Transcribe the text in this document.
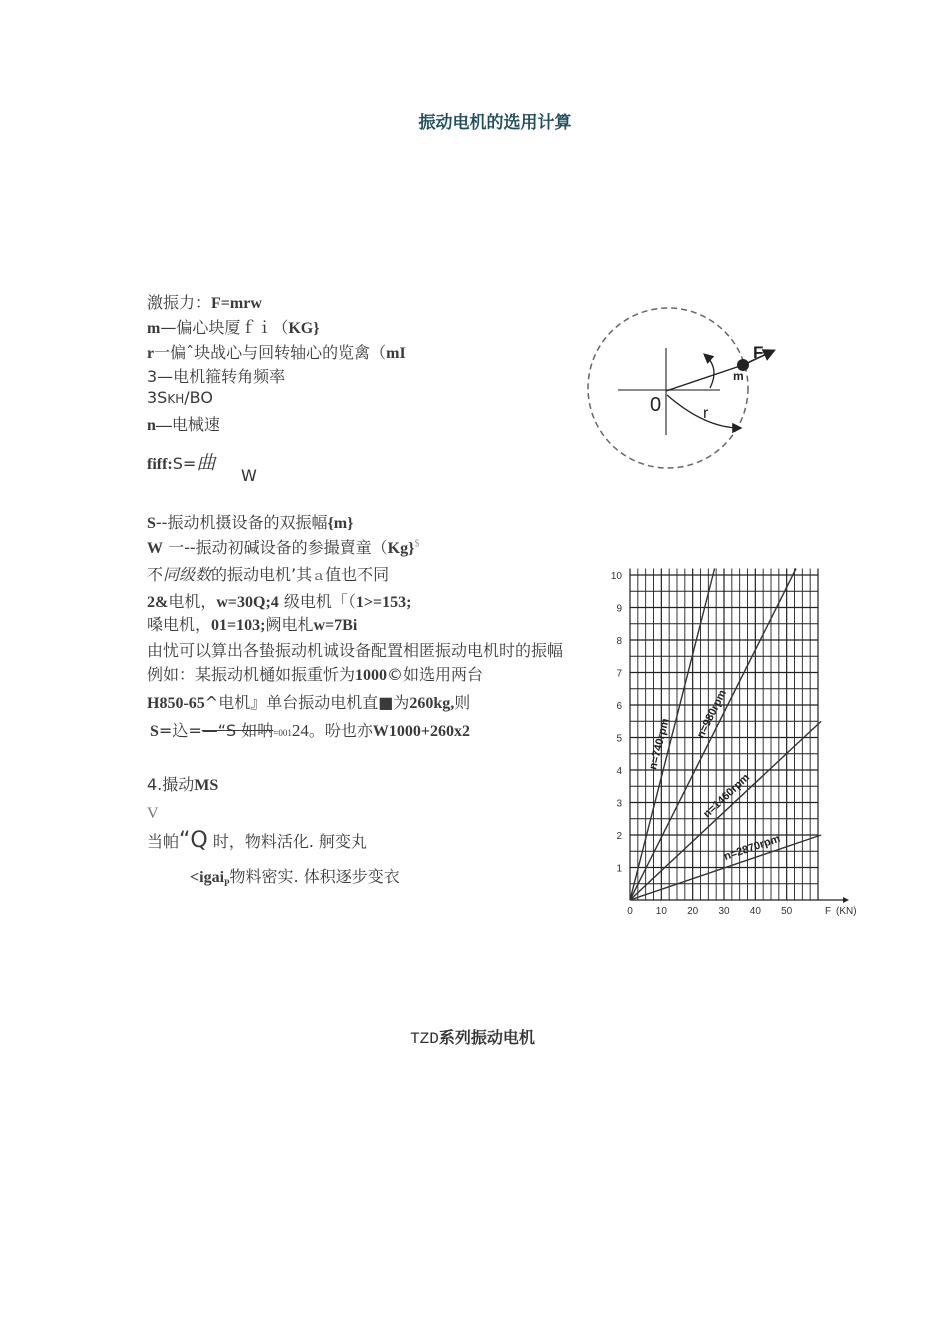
振动电机的选用计算
激振力：F=mrw
m—偏心块厦ｆｉ（KG}
r一偏ˆ块战心与回转轴心的览禽（mI
3—电机箍转角频率
3SKH/BO
n—电械速
fiff:S=曲
W
S--振动机摄设备的双振幅{m}
W 一--振动初碱设备的参撮賣童（Kg}$
不同级数的振动电机’其ａ值也不同
2&电机，w=30Q;4 级电机「（1>=153;
嗓电机，01=103;阙电札w=7Bi
由忧可以算出各蛰振动机诚设备配置相匿振动电机时的振幅
例如：某振动机樋如振重忻为1000©如选用两台
H850-65^电机』单台振动电机直■为260kg,则
S=込=—“S 如呐=00124。吩也亦W1000+260x2
4.撮动MS
V
当帕“Q 时，物料活化. 舸变丸
<igai$_P$物料密实. 体积逐步变衣
F
m
0	r
0 10 20 30 40 50
1
2
3
4
5
6
7
8
9
10
F (KN)
n=740rpm
n=980rpm
n=1460rpm
n=2870rpm
TZD系列振动电机
